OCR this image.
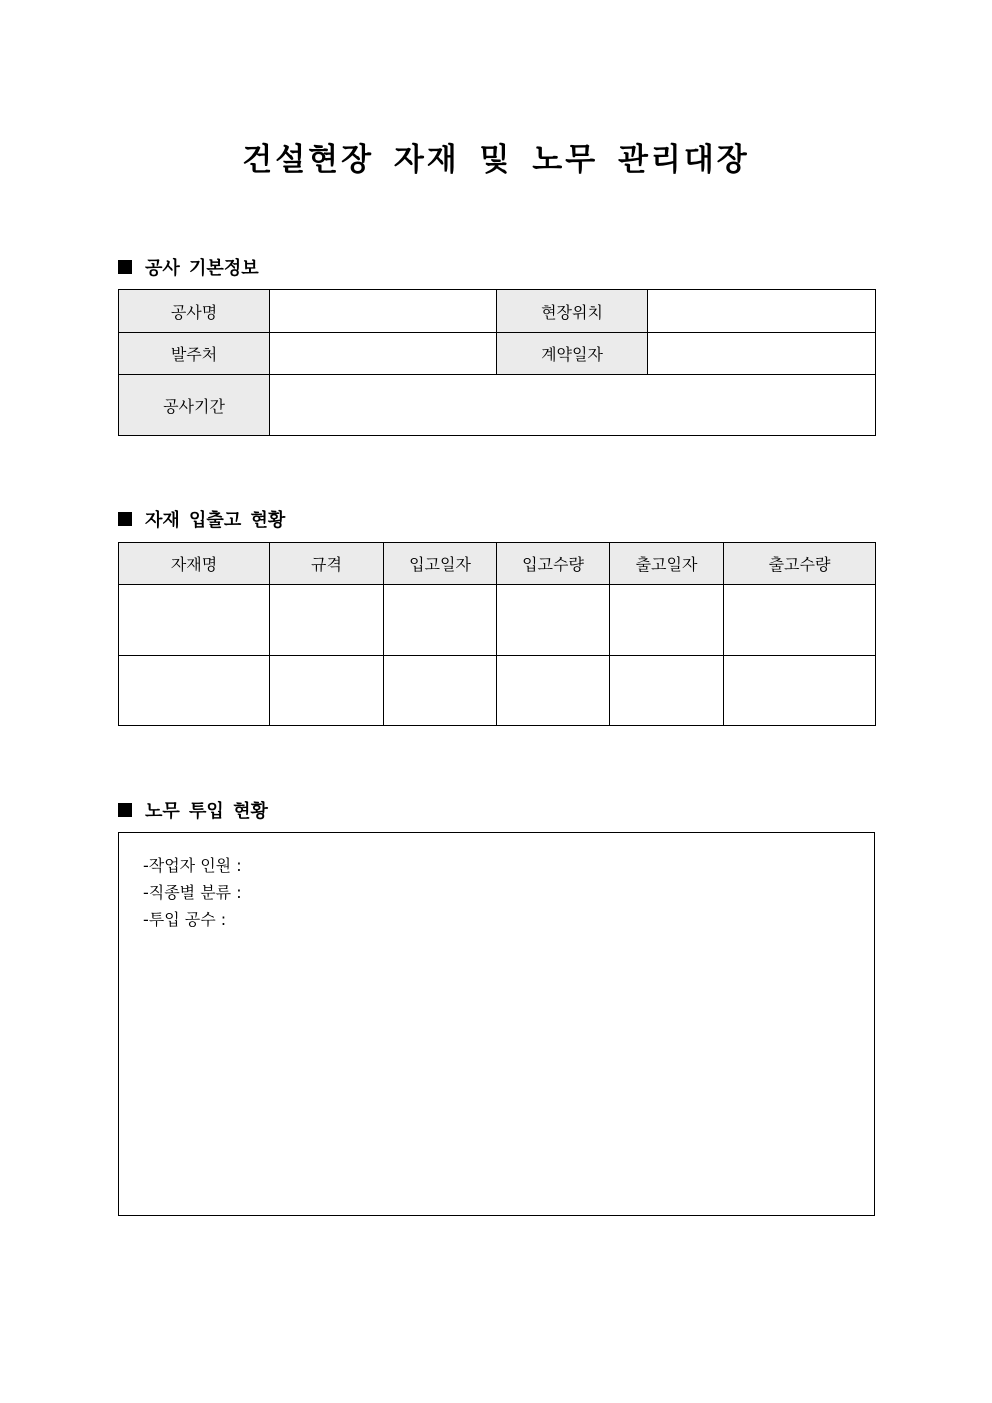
건설현장 자재 및 노무 관리대장
공사 기본정보
공사명		현장위치	
발주처		계약일자	
공사기간			
자재 입출고 현황
자재명	규격	입고일자	입고수량	출고일자	출고수량

노무 투입 현황
-작업자 인원 :
-직종별 분류 :
-투입 공수 :
